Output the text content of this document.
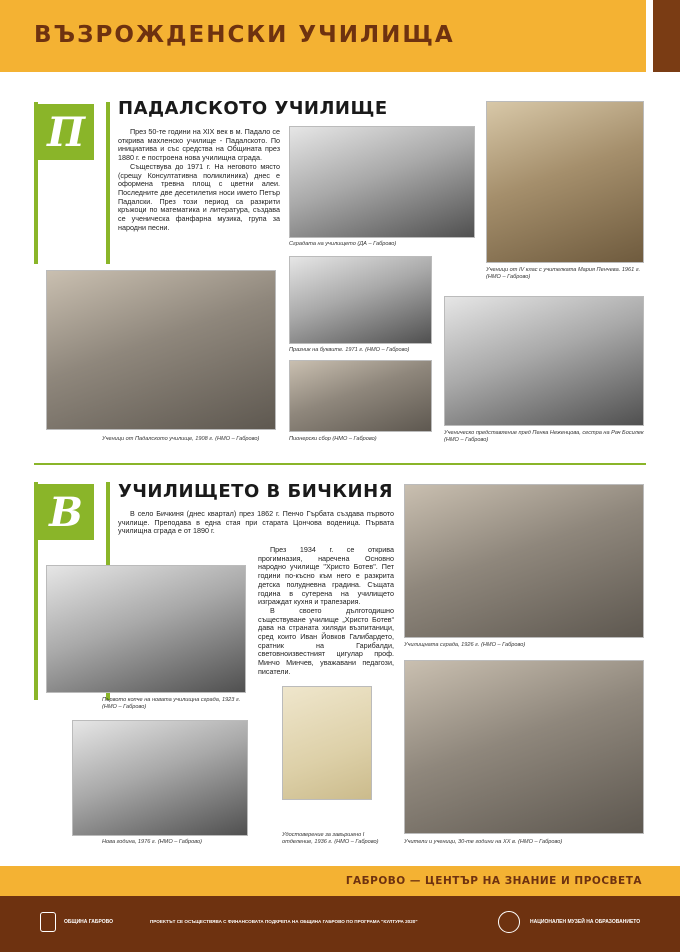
ВЪЗРОЖДЕНСКИ УЧИЛИЩА
П	ПАДАЛСКОТО УЧИЛИЩЕ

През 50-те години на XIX век в м. Падало се открива махленско училище - Падалското. По инициатива и със средства на Общината през 1880 г. е построена нова училищна сграда.

Съществува до 1971 г. На неговото място (срещу Консултативна поликлиника) днес е оформена тревна площ с цветни алеи. Последните две десетилетия носи името Петър Падалски. През този период са разкрити кръжоци по математика и литература, създава се ученическа фанфарна музика, група за народни песни.

Сградата на училището (ДА – Габрово)
Ученици от IV клас с учителката Мария Пенчева. 1961 г. (НМО – Габрово)
Ученици от Падалското училище, 1908 г. (НМО – Габрово)
Празник на буквите. 1971 г. (НМО – Габрово)
Пионерски сбор (НМО – Габрово)
Ученическо представление пред Пенка Неженцова, сестра на Рач Босилек (НМО – Габрово)
В	УЧИЛИЩЕТО В БИЧКИНЯ

В село Бичкиня (днес квартал) през 1862 г. Пенчо Гърбата създава първото училище. Преподава в една стая при старата Цончова воденица. Първата училищна сграда е от 1890 г.

През 1934 г. се открива прогимназия, наречена Основно народно училище "Христо Ботев". Пет години по-късно към него е разкрита детска полудневна градина. Същата година в сутерена на училището изграждат кухня и трапезария.

В своето дълготодишно съществуване училище „Христо Ботев“ дава на страната хиляди възпитаници, сред които Иван Йовков Галибардето, сратник на Гарибалди, световноизвестният цигулар проф. Минчо Минчев, уважавани педагози, писатели.

Училищната сграда, 1926 г. (НМО – Габрово)
Първото копче на новата училищна сграда, 1923 г. (НМО – Габрово)
Нова година, 1976 г. (НМО – Габрово)
Удостоверение за завършено I отделение, 1936 г. (НМО – Габрово)	Учители и ученици, 30-те години на XX в. (НМО – Габрово)
ГАБРОВО — ЦЕНТЪР НА ЗНАНИЕ И ПРОСВЕТА
ОБЩИНА ГАБРОВО	ПРОЕКТЪТ СЕ ОСЪЩЕСТВЯВА С ФИНАНСОВАТА ПОДКРЕПА НА ОБЩИНА ГАБРОВО ПО ПРОГРАМА "КУЛТУРА 2020"	НАЦИОНАЛЕН МУЗЕЙ НА ОБРАЗОВАНИЕТО
